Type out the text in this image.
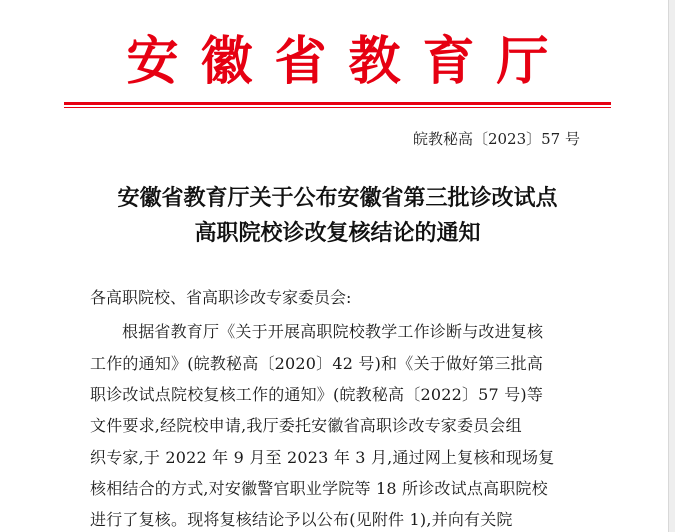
安徽省教育厅
皖教秘高〔2023〕57 号
安徽省教育厅关于公布安徽省第三批诊改试点
高职院校诊改复核结论的通知
各高职院校、省高职诊改专家委员会:
根据省教育厅《关于开展高职院校教学工作诊断与改进复核
工作的通知》(皖教秘高〔2020〕42 号)和《关于做好第三批高
职诊改试点院校复核工作的通知》(皖教秘高〔2022〕57 号)等
文件要求,经院校申请,我厅委托安徽省高职诊改专家委员会组
织专家,于 2022 年 9 月至 2023 年 3 月,通过网上复核和现场复
核相结合的方式,对安徽警官职业学院等 18 所诊改试点高职院校
进行了复核。现将复核结论予以公布(见附件 1),并向有关院
